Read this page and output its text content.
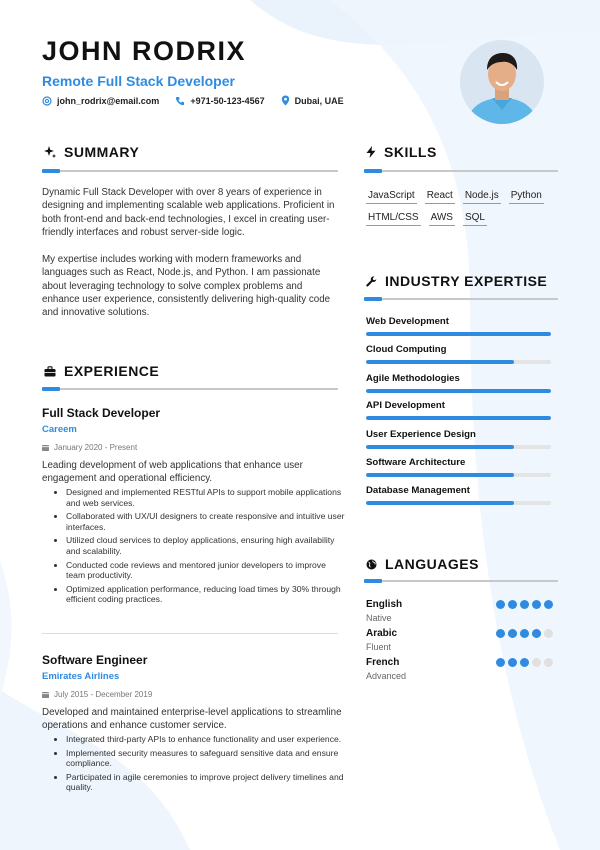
JOHN RODRIX
Remote Full Stack Developer
john_rodrix@email.com	+971-50-123-4567	Dubai, UAE
SUMMARY

Dynamic Full Stack Developer with over 8 years of experience in designing and implementing scalable web applications. Proficient in both front-end and back-end technologies, I excel in creating user-friendly interfaces and robust server-side logic.

My expertise includes working with modern frameworks and languages such as React, Node.js, and Python. I am passionate about leveraging technology to solve complex problems and enhance user experience, consistently delivering high-quality code and innovative solutions.

EXPERIENCE
Full Stack Developer
Careem
January 2020 - Present
Leading development of web applications that enhance user engagement and operational efficiency.
• Designed and implemented RESTful APIs to support mobile applications and web services.
• Collaborated with UX/UI designers to create responsive and intuitive user interfaces.
• Utilized cloud services to deploy applications, ensuring high availability and scalability.
• Conducted code reviews and mentored junior developers to improve team productivity.
• Optimized application performance, reducing load times by 30% through efficient coding practices.
Software Engineer
Emirates Airlines
July 2015 - December 2019
Developed and maintained enterprise-level applications to streamline operations and enhance customer service.
• Integrated third-party APIs to enhance functionality and user experience.
• Implemented security measures to safeguard sensitive data and ensure compliance.
• Participated in agile ceremonies to improve project delivery timelines and quality.
SKILLS
JavaScript React Node.js Python
HTML/CSS AWS SQL
INDUSTRY EXPERTISE
Web Development
Cloud Computing
Agile Methodologies
API Development
User Experience Design
Software Architecture
Database Management
LANGUAGES
English
Native
Arabic
Fluent
French
Advanced
